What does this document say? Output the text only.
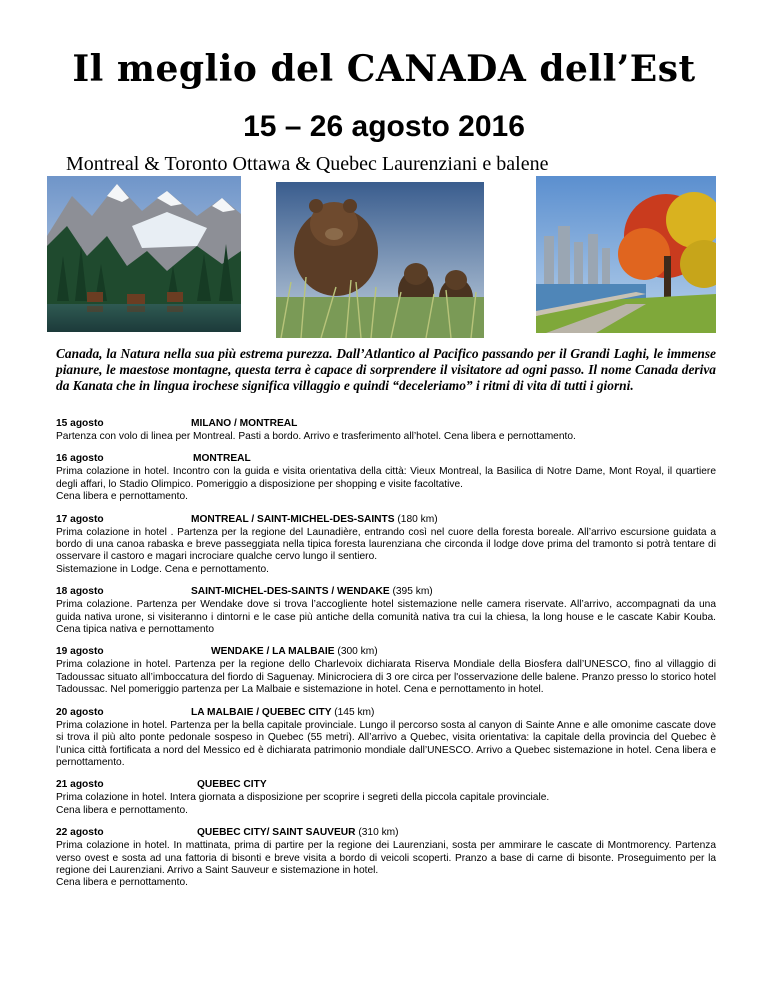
Il meglio del CANADA dell’Est
15 – 26 agosto 2016
Montreal & Toronto Ottawa & Quebec Laurenziani e balene
Canada, la Natura nella sua più estrema purezza. Dall’Atlantico al Pacifico passando per il Grandi Laghi, le immense pianure, le maestose montagne, questa terra è capace di sorprendere il visitatore ad ogni passo. Il nome Canada deriva da Kanata che in lingua irochese significa villaggio e quindi “deceleriamo” i ritmi di vita di tutti i giorni.
15 agosto	MILANO / MONTREAL

Partenza con volo di linea per Montreal. Pasti a bordo. Arrivo e trasferimento all’hotel. Cena libera e pernottamento.

16 agosto	MONTREAL

Prima colazione in hotel. Incontro con la guida e visita orientativa della città: Vieux Montreal, la Basilica di Notre Dame, Mont Royal, il quartiere degli affari, lo Stadio Olimpico. Pomeriggio a disposizione per shopping e visite facoltative.

Cena libera e pernottamento.

17 agosto	MONTREAL / SAINT-MICHEL-DES-SAINTS (180 km)

Prima colazione in hotel . Partenza per la regione del Launadière, entrando così nel cuore della foresta boreale. All’arrivo escursione guidata a bordo di una canoa rabaska e breve passeggiata nella tipica foresta laurenziana che circonda il lodge dove prima del tramonto si potrà tentare di osservare il castoro e magari incrociare qualche cervo lungo il sentiero.

Sistemazione in Lodge. Cena e pernottamento.

18 agosto	SAINT-MICHEL-DES-SAINTS / WENDAKE (395 km)

Prima colazione. Partenza per Wendake dove si trova l’accogliente hotel sistemazione nelle camera riservate. All’arrivo, accompagnati da una guida nativa urone, si visiteranno i dintorni e le case più antiche della comunità nativa tra cui la chiesa, la long house e le cascate Kabir Kouba. Cena tipica nativa e pernottamento

19 agosto	WENDAKE / LA MALBAIE (300 km)

Prima colazione in hotel. Partenza per la regione dello Charlevoix dichiarata Riserva Mondiale della Biosfera dall’UNESCO, fino al villaggio di Tadoussac situato all’imboccatura del fiordo di Saguenay. Minicrociera di 3 ore circa per l'osservazione delle balene. Pranzo presso lo storico hotel Tadoussac. Nel pomeriggio partenza per La Malbaie e sistemazione in hotel. Cena e pernottamento in hotel.

20 agosto	LA MALBAIE / QUEBEC CITY (145 km)

Prima colazione in hotel. Partenza per la bella capitale provinciale. Lungo il percorso sosta al canyon di Sainte Anne e alle omonime cascate dove si trova il più alto ponte pedonale sospeso in Quebec (55 metri). All’arrivo a Quebec, visita orientativa: la capitale della provincia del Quebec è l’unica città fortificata a nord del Messico ed è dichiarata patrimonio mondiale dall’UNESCO. Arrivo a Quebec sistemazione in hotel. Cena libera e pernottamento.

21 agosto	QUEBEC CITY

Prima colazione in hotel. Intera giornata a disposizione per scoprire i segreti della piccola capitale provinciale.

Cena libera e pernottamento.

22 agosto	QUEBEC CITY/ SAINT SAUVEUR (310 km)

Prima colazione in hotel. In mattinata, prima di partire per la regione dei Laurenziani, sosta per ammirare le cascate di Montmorency. Partenza verso ovest e sosta ad una fattoria di bisonti e breve visita a bordo di veicoli scoperti. Pranzo a base di carne di bisonte. Proseguimento per la regione dei Laurenziani. Arrivo a Saint Sauveur e sistemazione in hotel.

Cena libera e pernottamento.
